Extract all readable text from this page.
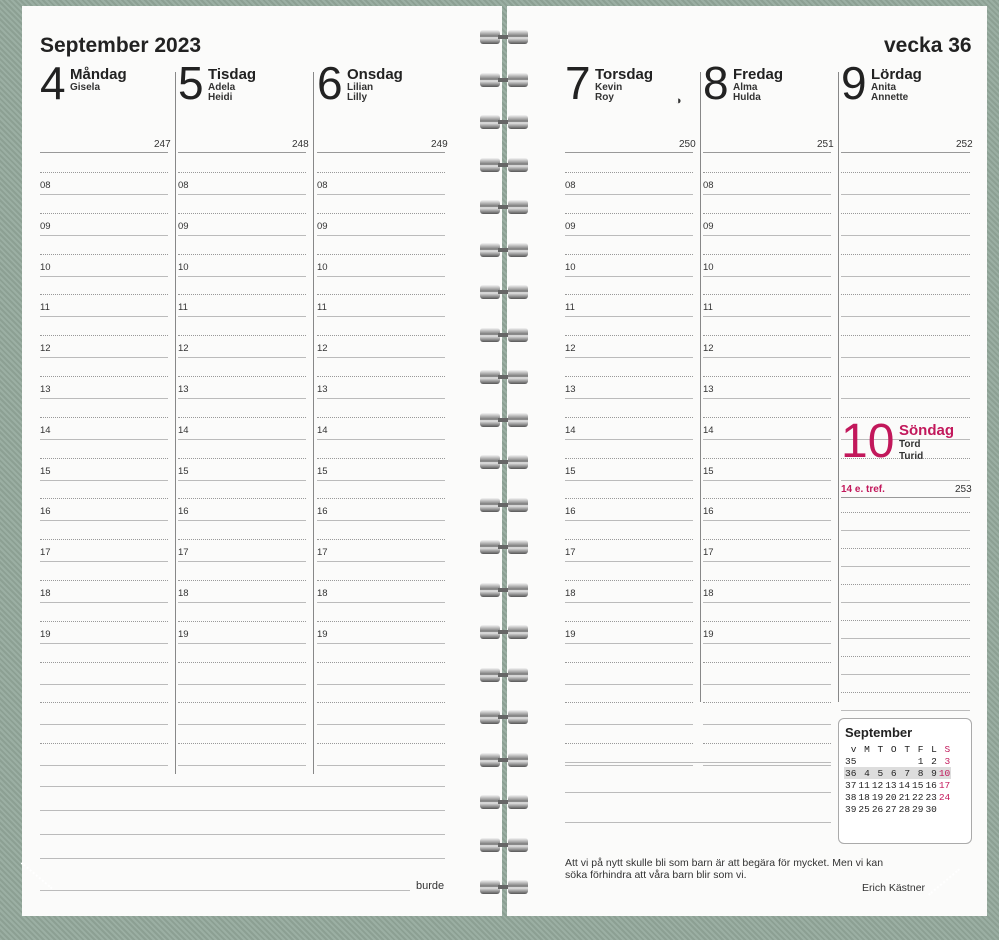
September 2023	vecka 36
4 Måndag
Gisela
247
08
09
10
11
12
13
14
15
16
17
18
19
5 Tisdag
Adela
Heidi
248
08
09
10
11
12
13
14
15
16
17
18
19
6 Onsdag
Lilian
Lilly
249
08
09
10
11
12
13
14
15
16
17
18
19
7 Torsdag
Kevin
Roy	◑
250
08
09
10
11
12
13
14
15
16
17
18
19
8 Fredag
Alma
Hulda
251
08
09
10
11
12
13
14
15
16
17
18
19
9 Lördag
Anita
Annette
252
10 Söndag
Tord
Turid
14 e. tref.	253
Att vi på nytt skulle bli som barn är att begära för mycket. Men vi kan
söka förhindra att våra barn blir som vi.
Erich Kästner
burde
September
v	M	T	O	T	F	L	S
35					1	2	3
36	4	5	6	7	8	9	10
37	11	12	13	14	15	16	17
38	18	19	20	21	22	23	24
39	25	26	27	28	29	30	
